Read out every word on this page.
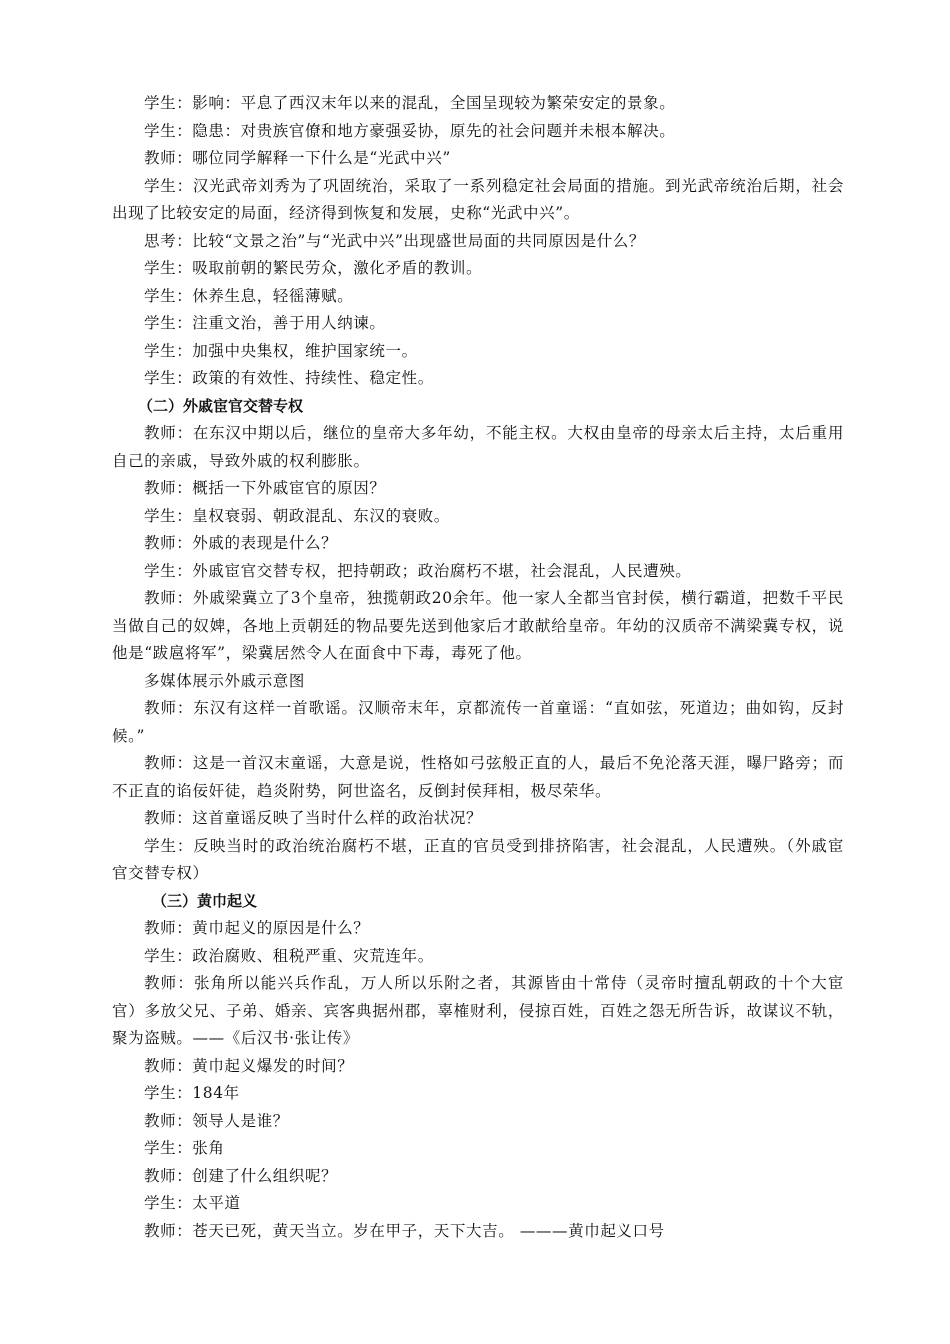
学生：影响：平息了西汉末年以来的混乱，全国呈现较为繁荣安定的景象。

学生：隐患：对贵族官僚和地方豪强妥协，原先的社会问题并未根本解决。

教师：哪位同学解释一下什么是“光武中兴”

学生：汉光武帝刘秀为了巩固统治，采取了一系列稳定社会局面的措施。到光武帝统治后期，社会出现了比较安定的局面，经济得到恢复和发展，史称“光武中兴”。

思考：比较“文景之治”与“光武中兴”出现盛世局面的共同原因是什么？

学生：吸取前朝的繁民劳众，激化矛盾的教训。

学生：休养生息，轻徭薄赋。

学生：注重文治，善于用人纳谏。

学生：加强中央集权，维护国家统一。

学生：政策的有效性、持续性、稳定性。

（二）外戚宦官交替专权

教师：在东汉中期以后，继位的皇帝大多年幼，不能主权。大权由皇帝的母亲太后主持，太后重用自己的亲戚，导致外戚的权利膨胀。

教师：概括一下外戚宦官的原因？

学生：皇权衰弱、朝政混乱、东汉的衰败。

教师：外戚的表现是什么？

学生：外戚宦官交替专权，把持朝政；政治腐朽不堪，社会混乱，人民遭殃。

教师：外戚梁冀立了3个皇帝，独揽朝政20余年。他一家人全都当官封侯，横行霸道，把数千平民当做自己的奴婢，各地上贡朝廷的物品要先送到他家后才敢献给皇帝。年幼的汉质帝不满梁冀专权，说他是“跋扈将军”，梁冀居然令人在面食中下毒，毒死了他。

多媒体展示外戚示意图

教师：东汉有这样一首歌谣。汉顺帝末年，京都流传一首童谣：“直如弦，死道边；曲如钩，反封候。”

教师：这是一首汉末童谣，大意是说，性格如弓弦般正直的人，最后不免沦落天涯，曝尸路旁；而不正直的谄佞奸徒，趋炎附势，阿世盗名，反倒封侯拜相，极尽荣华。

教师：这首童谣反映了当时什么样的政治状况？

学生：反映当时的政治统治腐朽不堪，正直的官员受到排挤陷害，社会混乱，人民遭殃。（外戚宦官交替专权）

（三）黄巾起义

教师：黄巾起义的原因是什么？

学生：政治腐败、租税严重、灾荒连年。

教师：张角所以能兴兵作乱，万人所以乐附之者，其源皆由十常侍（灵帝时擅乱朝政的十个大宦官）多放父兄、子弟、婚亲、宾客典据州郡，辜榷财利，侵掠百姓，百姓之怨无所告诉，故谋议不轨，聚为盗贼。——《后汉书·张让传》

教师：黄巾起义爆发的时间？

学生：184年

教师：领导人是谁？

学生：张角

教师：创建了什么组织呢？

学生：太平道

教师：苍天已死，黄天当立。岁在甲子，天下大吉。 ———黄巾起义口号
